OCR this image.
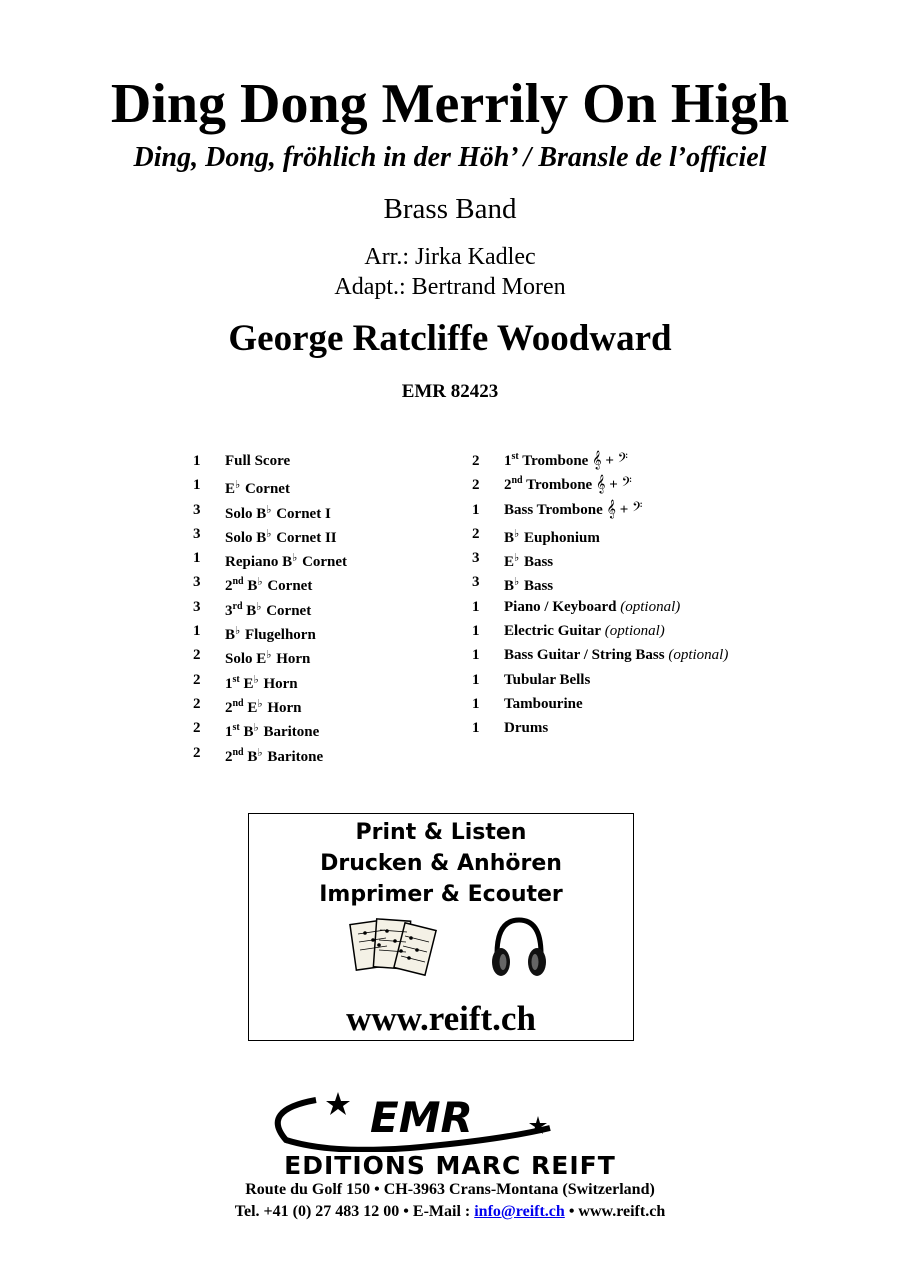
Ding Dong Merrily On High
Ding, Dong, fröhlich in der Höh’ / Bransle de l’officiel
Brass Band
Arr.: Jirka Kadlec
Adapt.: Bertrand Moren
George Ratcliffe Woodward
EMR 82423
1	Full Score
1	E♭ Cornet
3	Solo B♭ Cornet I
3	Solo B♭ Cornet II
1	Repiano B♭ Cornet
3	2nd B♭ Cornet
3	3rd B♭ Cornet
1	B♭ Flugelhorn
2	Solo E♭ Horn
2	1st E♭ Horn
2	2nd E♭ Horn
2	1st B♭ Baritone
2	2nd B♭ Baritone
2	1st Trombone 𝄞 + 𝄢
2	2nd Trombone 𝄞 + 𝄢
1	Bass Trombone 𝄞 + 𝄢
2	B♭ Euphonium
3	E♭ Bass
3	B♭ Bass
1	Piano / Keyboard (optional)
1	Electric Guitar (optional)
1	Bass Guitar / String Bass (optional)
1	Tubular Bells
1	Tambourine
1	Drums
Print & Listen
Drucken & Anhören
Imprimer & Ecouter
www.reift.ch
EMR
EDITIONS MARC REIFT
Route du Golf 150 • CH-3963 Crans-Montana (Switzerland)
Tel. +41 (0) 27 483 12 00 • E-Mail : info@reift.ch • www.reift.ch
